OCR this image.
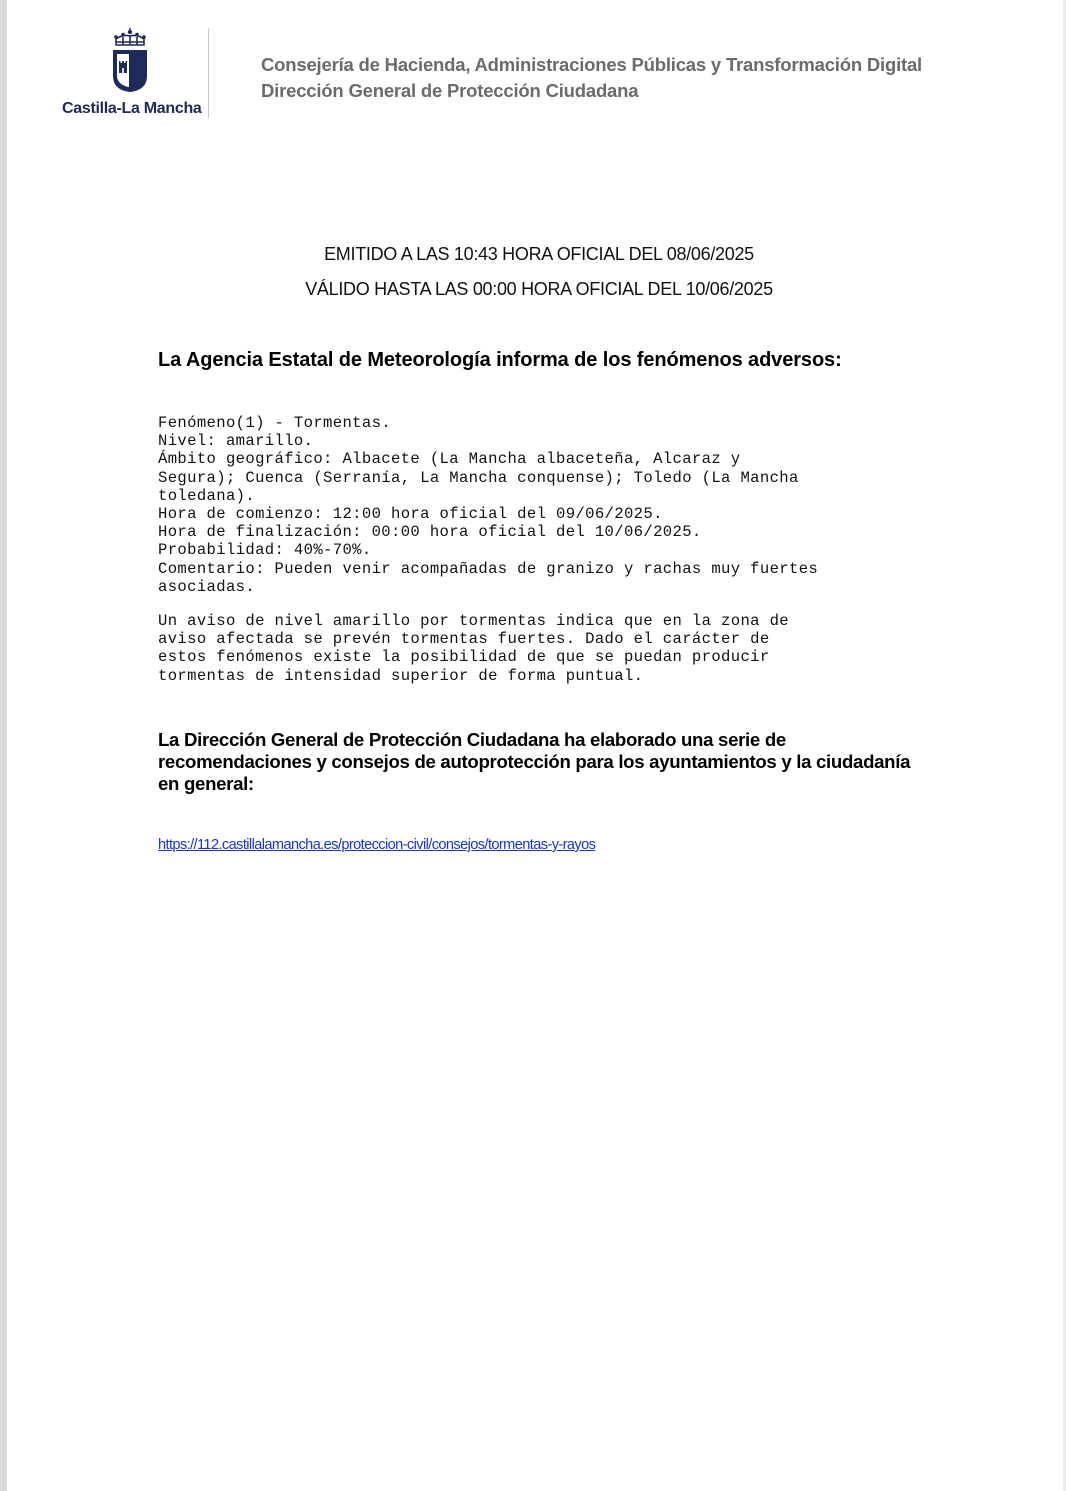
Castilla-La Mancha
Consejería de Hacienda, Administraciones Públicas y Transformación Digital
Dirección General de Protección Ciudadana
EMITIDO A LAS 10:43 HORA OFICIAL DEL 08/06/2025
VÁLIDO HASTA LAS 00:00 HORA OFICIAL DEL 10/06/2025
La Agencia Estatal de Meteorología informa de los fenómenos adversos:
Fenómeno(1) - Tormentas.
Nivel: amarillo.
Ámbito geográfico: Albacete (La Mancha albaceteña, Alcaraz y
Segura); Cuenca (Serranía, La Mancha conquense); Toledo (La Mancha
toledana).
Hora de comienzo: 12:00 hora oficial del 09/06/2025.
Hora de finalización: 00:00 hora oficial del 10/06/2025.
Probabilidad: 40%-70%.
Comentario: Pueden venir acompañadas de granizo y rachas muy fuertes
asociadas.
Un aviso de nivel amarillo por tormentas indica que en la zona de
aviso afectada se prevén tormentas fuertes. Dado el carácter de
estos fenómenos existe la posibilidad de que se puedan producir
tormentas de intensidad superior de forma puntual.
La Dirección General de Protección Ciudadana ha elaborado una serie de recomendaciones y consejos de autoprotección para los ayuntamientos y la ciudadanía en general:
https://112.castillalamancha.es/proteccion-civil/consejos/tormentas-y-rayos
